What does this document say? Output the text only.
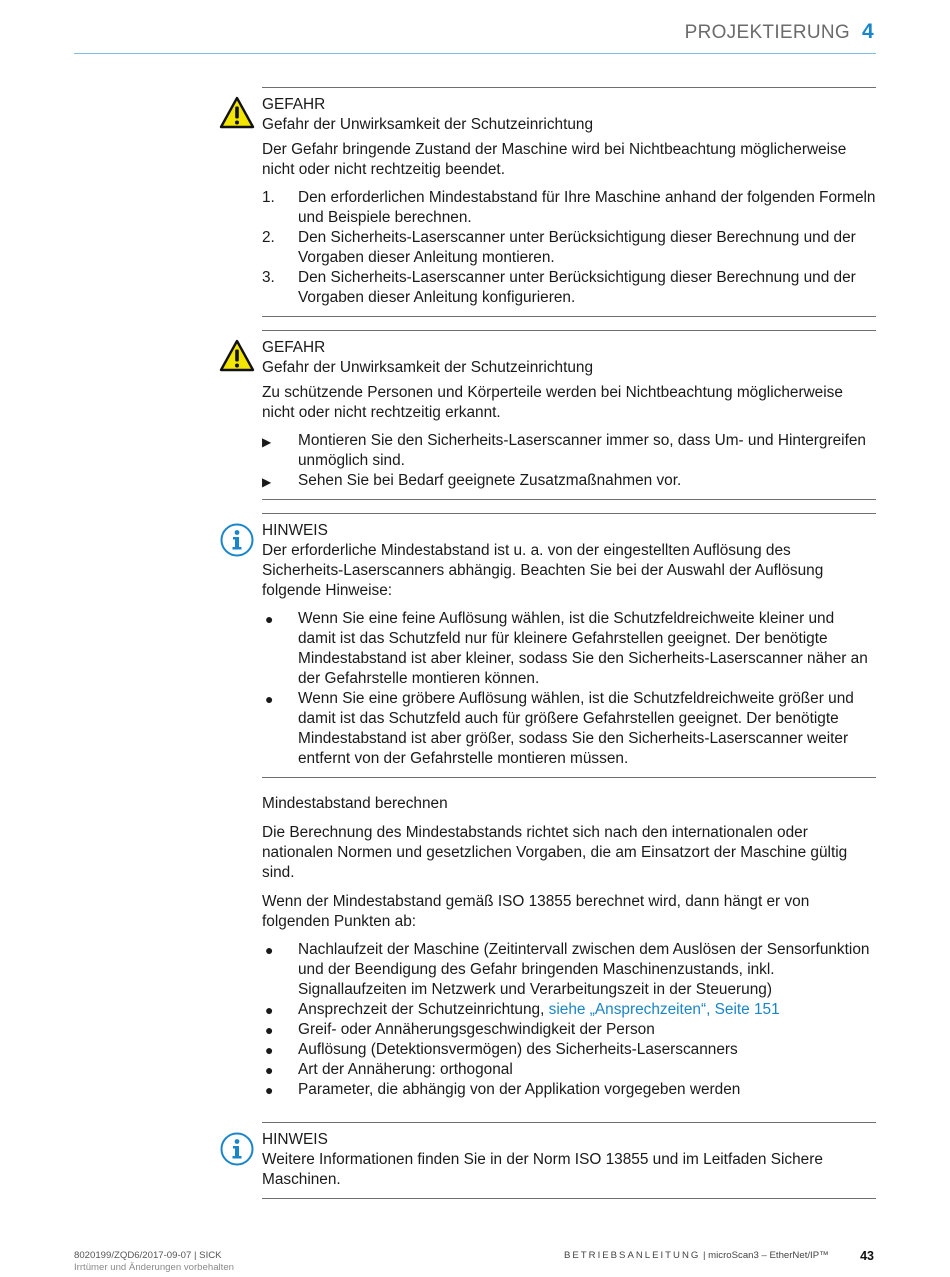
PROJEKTIERUNG 4

GEFAHR

Gefahr der Unwirksamkeit der Schutzeinrichtung

Der Gefahr bringende Zustand der Maschine wird bei Nichtbeachtung möglicherweise nicht oder nicht rechtzeitig beendet.

1. Den erforderlichen Mindestabstand für Ihre Maschine anhand der folgenden Formeln und Beispiele berechnen.
2. Den Sicherheits-Laserscanner unter Berücksichtigung dieser Berechnung und der Vorgaben dieser Anleitung montieren.
3. Den Sicherheits-Laserscanner unter Berücksichtigung dieser Berechnung und der Vorgaben dieser Anleitung konfigurieren.

GEFAHR

Gefahr der Unwirksamkeit der Schutzeinrichtung

Zu schützende Personen und Körperteile werden bei Nichtbeachtung möglicherweise nicht oder nicht rechtzeitig erkannt.

▶ Montieren Sie den Sicherheits-Laserscanner immer so, dass Um- und Hintergreifen unmöglich sind.
▶ Sehen Sie bei Bedarf geeignete Zusatzmaßnahmen vor.

HINWEIS

Der erforderliche Mindestabstand ist u. a. von der eingestellten Auflösung des Sicherheits-Laserscanners abhängig. Beachten Sie bei der Auswahl der Auflösung folgende Hinweise:

● Wenn Sie eine feine Auflösung wählen, ist die Schutzfeldreichweite kleiner und damit ist das Schutzfeld nur für kleinere Gefahrstellen geeignet. Der benötigte Mindestabstand ist aber kleiner, sodass Sie den Sicherheits-Laserscanner näher an der Gefahrstelle montieren können.
● Wenn Sie eine gröbere Auflösung wählen, ist die Schutzfeldreichweite größer und damit ist das Schutzfeld auch für größere Gefahrstellen geeignet. Der benötigte Mindestabstand ist aber größer, sodass Sie den Sicherheits-Laserscanner weiter entfernt von der Gefahrstelle montieren müssen.

Mindestabstand berechnen

Die Berechnung des Mindestabstands richtet sich nach den internationalen oder nationalen Normen und gesetzlichen Vorgaben, die am Einsatzort der Maschine gültig sind.

Wenn der Mindestabstand gemäß ISO 13855 berechnet wird, dann hängt er von folgenden Punkten ab:

● Nachlaufzeit der Maschine (Zeitintervall zwischen dem Auslösen der Sensorfunktion und der Beendigung des Gefahr bringenden Maschinenzustands, inkl. Signallaufzeiten im Netzwerk und Verarbeitungszeit in der Steuerung)
● Ansprechzeit der Schutzeinrichtung, siehe „Ansprechzeiten“, Seite 151
● Greif- oder Annäherungsgeschwindigkeit der Person
● Auflösung (Detektionsvermögen) des Sicherheits-Laserscanners
● Art der Annäherung: orthogonal
● Parameter, die abhängig von der Applikation vorgegeben werden

HINWEIS

Weitere Informationen finden Sie in der Norm ISO 13855 und im Leitfaden Sichere Maschinen.

8020199/ZQD6/2017-09-07 | SICK
Irrtümer und Änderungen vorbehalten
BETRIEBSANLEITUNG | microScan3 – EtherNet/IP™	43
